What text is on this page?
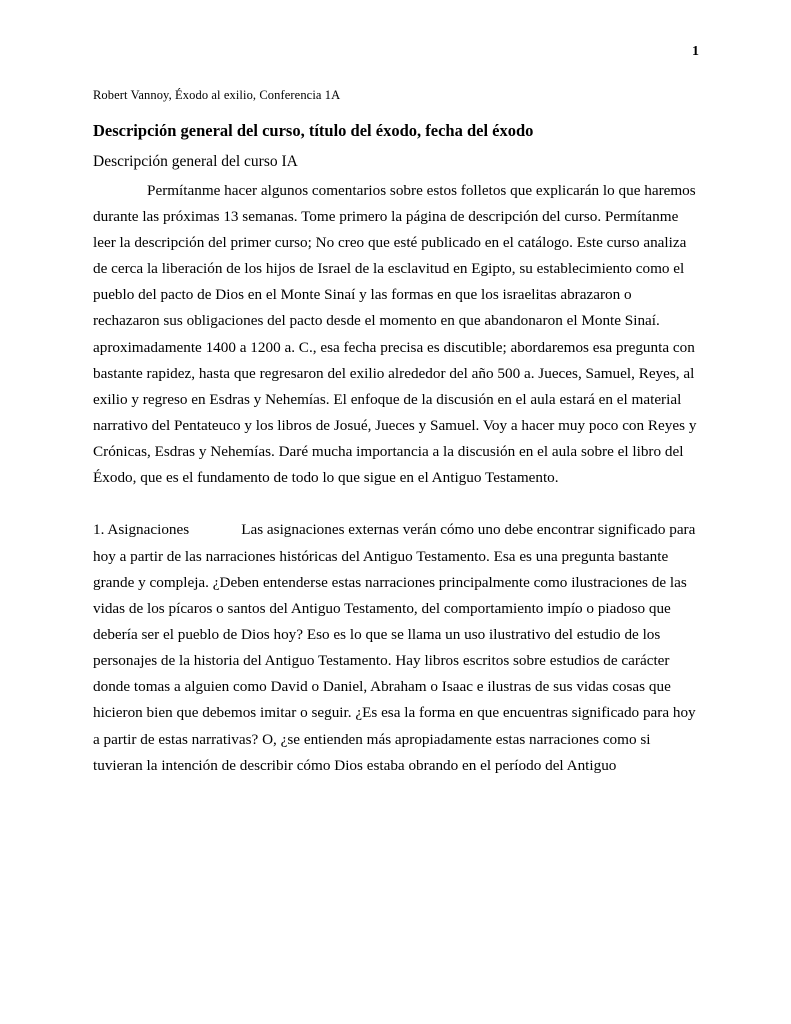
1
Robert Vannoy, Éxodo al exilio, Conferencia 1A
Descripción general del curso, título del éxodo, fecha del éxodo
Descripción general del curso IA

Permítanme hacer algunos comentarios sobre estos folletos que explicarán lo que haremos durante las próximas 13 semanas. Tome primero la página de descripción del curso. Permítanme leer la descripción del primer curso; No creo que esté publicado en el catálogo. Este curso analiza de cerca la liberación de los hijos de Israel de la esclavitud en Egipto, su establecimiento como el pueblo del pacto de Dios en el Monte Sinaí y las formas en que los israelitas abrazaron o rechazaron sus obligaciones del pacto desde el momento en que abandonaron el Monte Sinaí. aproximadamente 1400 a 1200 a. C., esa fecha precisa es discutible; abordaremos esa pregunta con bastante rapidez, hasta que regresaron del exilio alrededor del año 500 a. Jueces, Samuel, Reyes, al exilio y regreso en Esdras y Nehemías. El enfoque de la discusión en el aula estará en el material narrativo del Pentateuco y los libros de Josué, Jueces y Samuel. Voy a hacer muy poco con Reyes y Crónicas, Esdras y Nehemías. Daré mucha importancia a la discusión en el aula sobre el libro del Éxodo, que es el fundamento de todo lo que sigue en el Antiguo Testamento.

1. Asignaciones	Las asignaciones externas verán cómo uno debe encontrar significado para hoy a partir de las narraciones históricas del Antiguo Testamento. Esa es una pregunta bastante grande y compleja. ¿Deben entenderse estas narraciones principalmente como ilustraciones de las vidas de los pícaros o santos del Antiguo Testamento, del comportamiento impío o piadoso que debería ser el pueblo de Dios hoy? Eso es lo que se llama un uso ilustrativo del estudio de los personajes de la historia del Antiguo Testamento. Hay libros escritos sobre estudios de carácter donde tomas a alguien como David o Daniel, Abraham o Isaac e ilustras de sus vidas cosas que hicieron bien que debemos imitar o seguir. ¿Es esa la forma en que encuentras significado para hoy a partir de estas narrativas? O, ¿se entienden más apropiadamente estas narraciones como si tuvieran la intención de describir cómo Dios estaba obrando en el período del Antiguo
